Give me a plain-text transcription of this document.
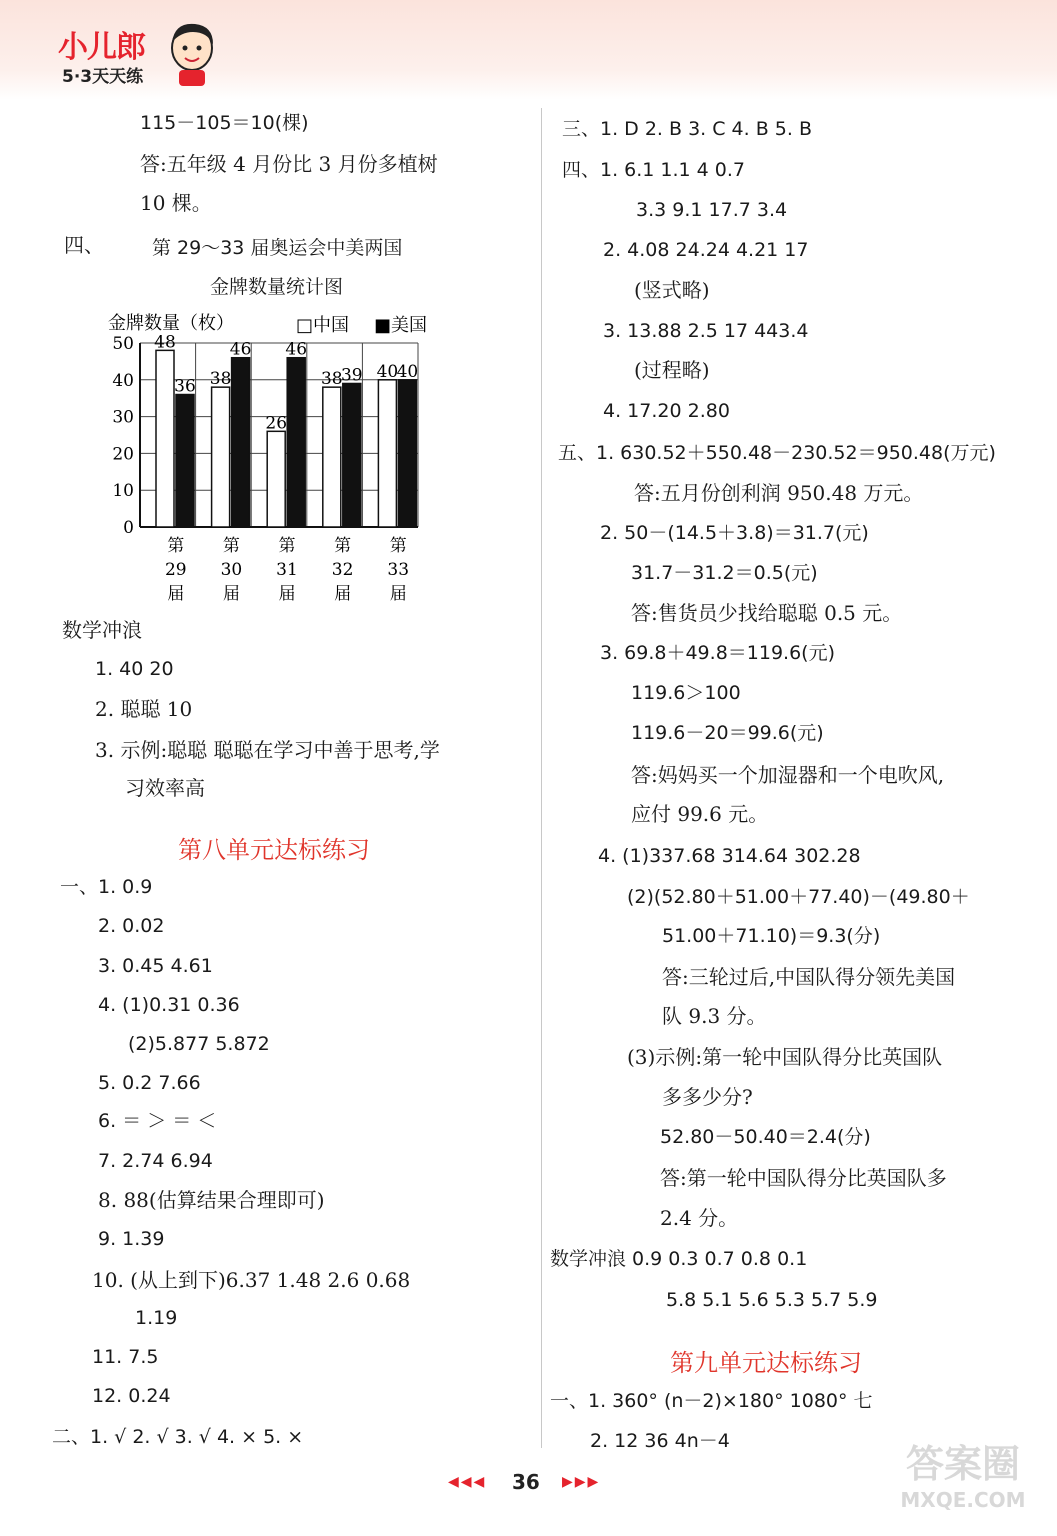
小儿郎
5·3天天练
115－105＝10(棵)
答:五年级 4 月份比 3 月份多植树
10 棵。
四、	第 29～33 届奥运会中美两国
金牌数量统计图
金牌数量（枚）	□中国 ■美国
0
10
20
30
40
50 48
36
第
29
届
38
46
第
30
届
26
46
第
31
届
38
39
第
32
届
40
40
第
33
届
数学冲浪
1. 40 20
2. 聪聪 10
3. 示例:聪聪 聪聪在学习中善于思考,学
习效率高
第八单元达标练习
一、1. 0.9
2. 0.02
3. 0.45 4.61
4. (1)0.31 0.36
(2)5.877 5.872
5. 0.2 7.66
6. ＝ ＞ ＝ ＜
7. 2.74 6.94
8. 88(估算结果合理即可)
9. 1.39
10. (从上到下)6.37 1.48 2.6 0.68
1.19
11. 7.5
12. 0.24
二、1. √ 2. √ 3. √ 4. × 5. ×
三、1. D 2. B 3. C 4. B 5. B
四、1. 6.1 1.1 4 0.7
3.3 9.1 17.7 3.4
2. 4.08 24.24 4.21 17
(竖式略)
3. 13.88 2.5 17 443.4
(过程略)
4. 17.20 2.80
五、1. 630.52＋550.48－230.52＝950.48(万元)
答:五月份创利润 950.48 万元。
2. 50－(14.5＋3.8)＝31.7(元)
31.7－31.2＝0.5(元)
答:售货员少找给聪聪 0.5 元。
3. 69.8＋49.8＝119.6(元)
119.6＞100
119.6－20＝99.6(元)
答:妈妈买一个加湿器和一个电吹风,
应付 99.6 元。
4. (1)337.68 314.64 302.28
(2)(52.80＋51.00＋77.40)－(49.80＋
51.00＋71.10)＝9.3(分)
答:三轮过后,中国队得分领先美国
队 9.3 分。
(3)示例:第一轮中国队得分比英国队
多多少分?
52.80－50.40＝2.4(分)
答:第一轮中国队得分比英国队多
2.4 分。
数学冲浪 0.9 0.3 0.7 0.8 0.1
5.8 5.1 5.6 5.3 5.7 5.9
第九单元达标练习
一、1. 360° (n－2)×180° 1080° 七
2. 12 36 4n－4
◀◀◀ 36 ▶▶▶	答案圈
MXQE.COM
